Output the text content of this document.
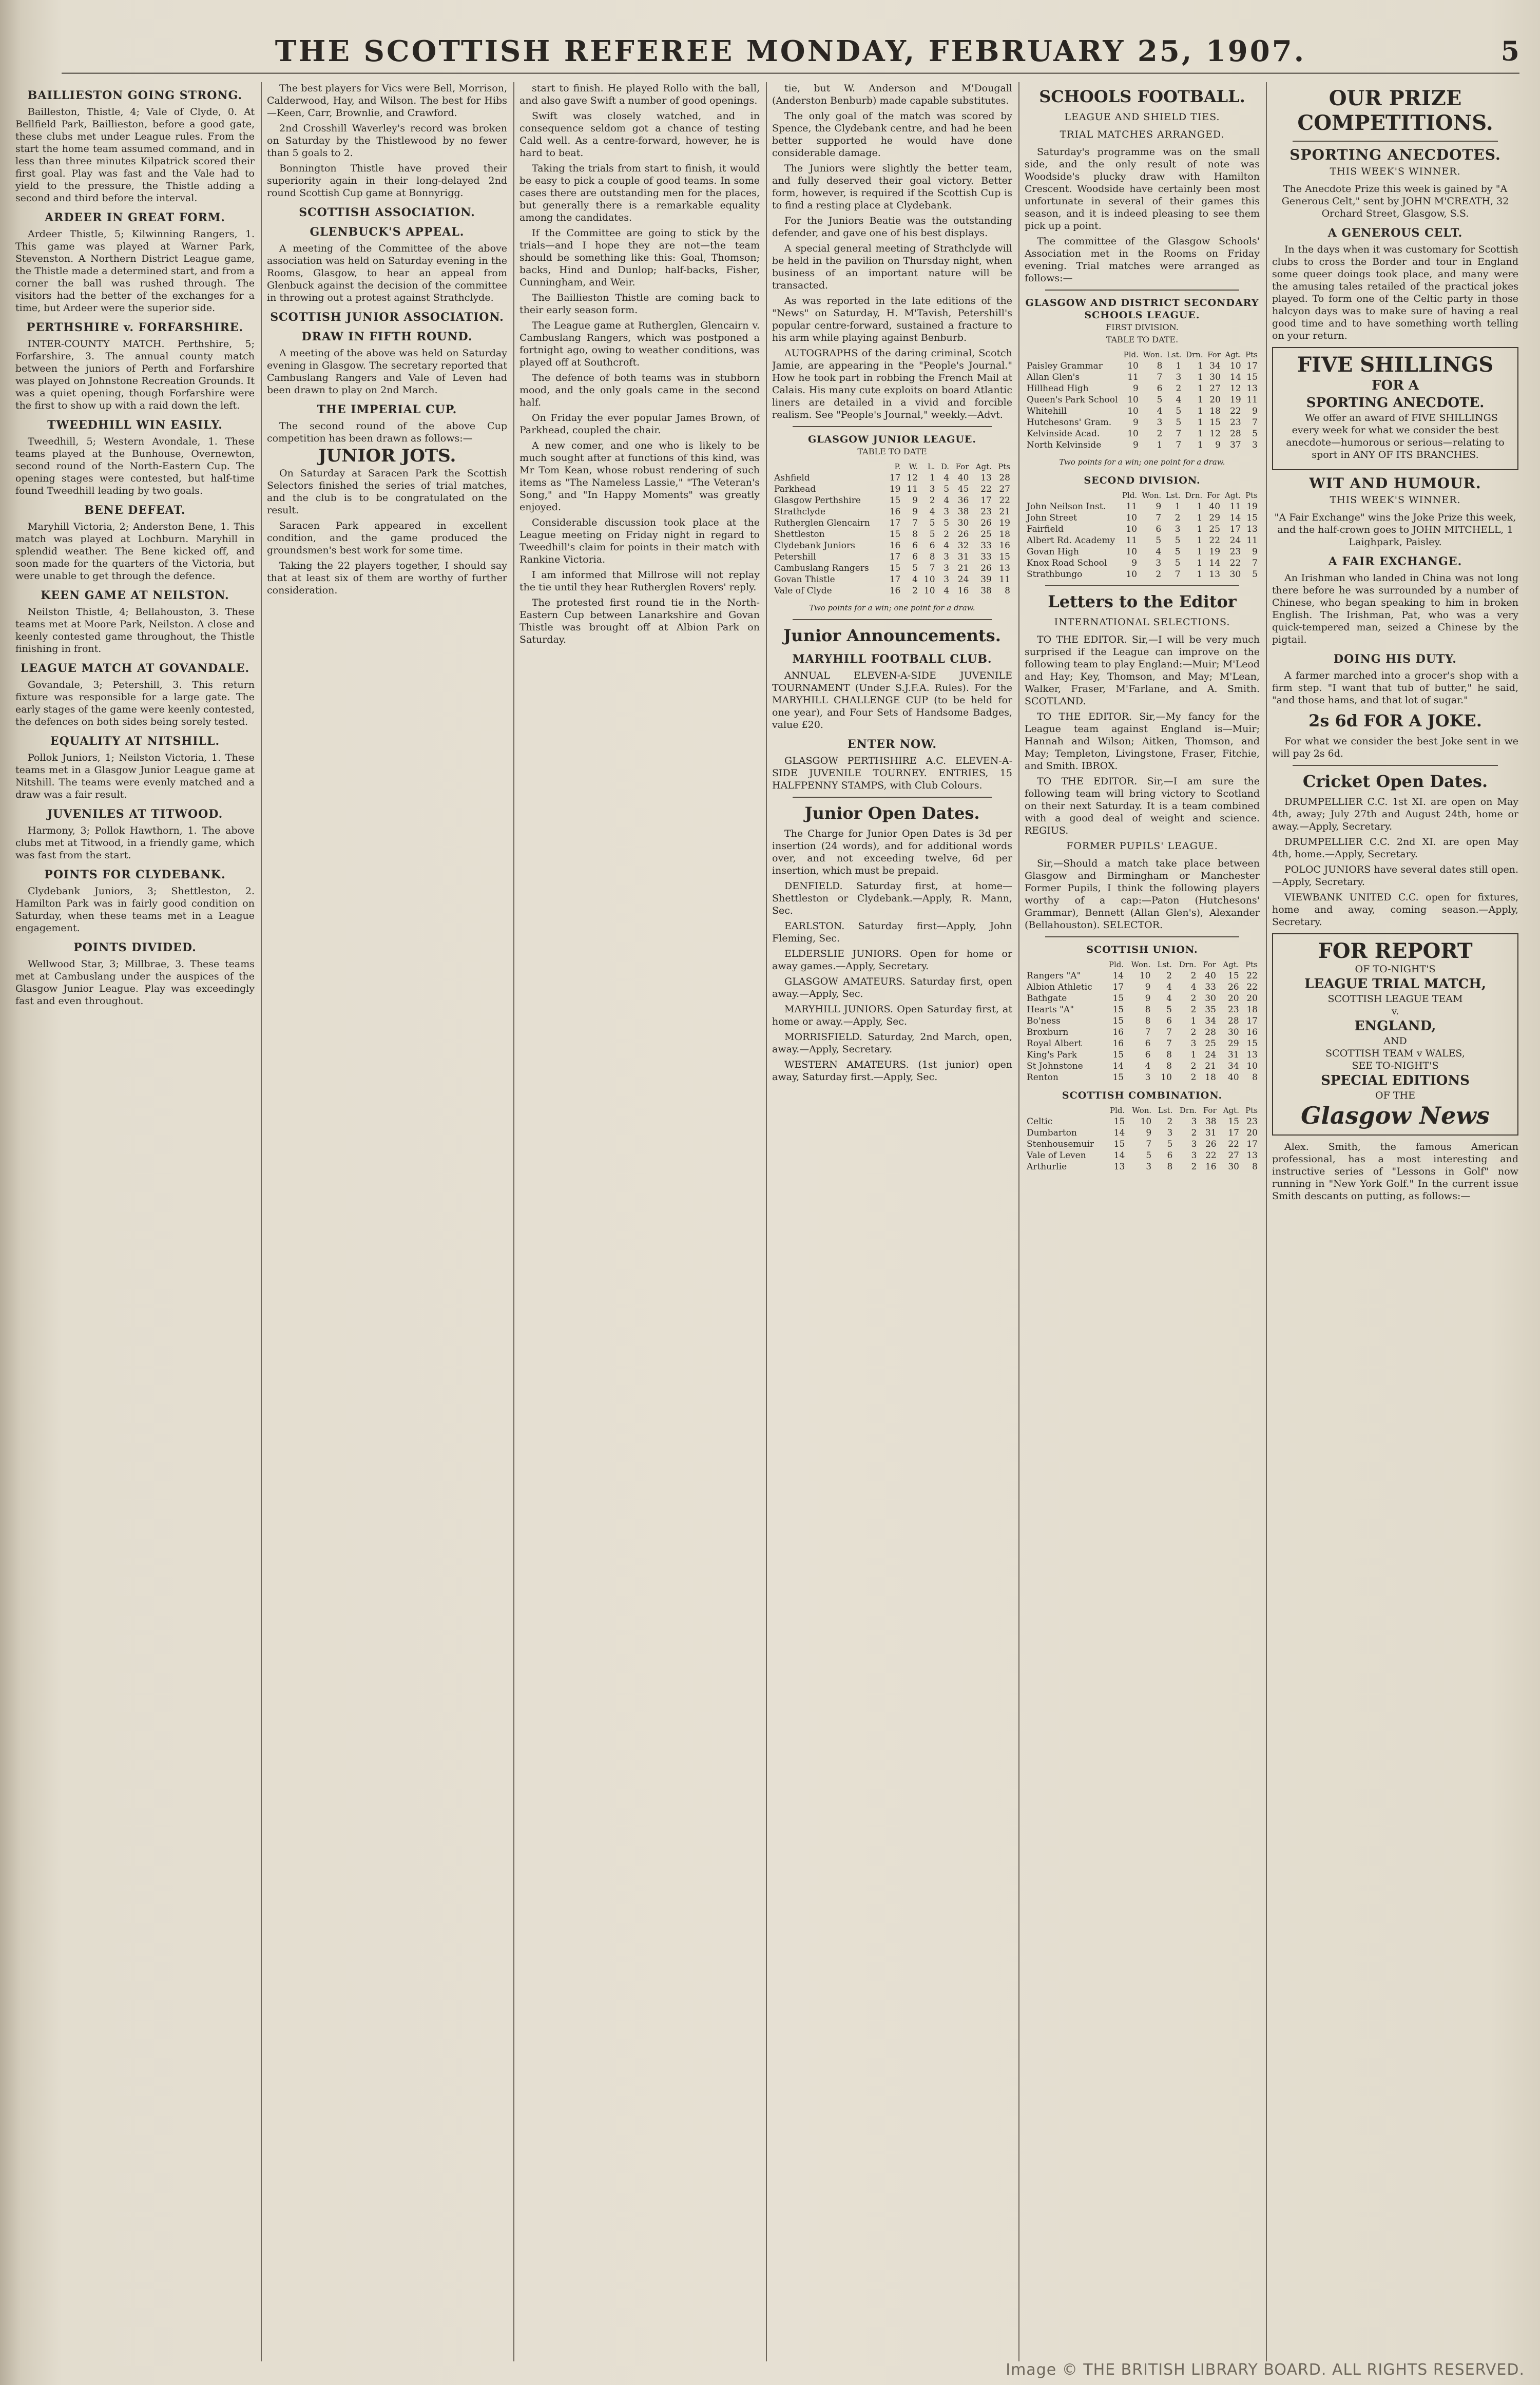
THE SCOTTISH REFEREE MONDAY, FEBRUARY 25, 1907.	5
BAILLIESTON GOING STRONG.

Bailleston, Thistle, 4; Vale of Clyde, 0. At Bellfield Park, Baillieston, before a good gate, these clubs met under League rules. From the start the home team assumed command, and in less than three minutes Kilpatrick scored their first goal. Play was fast and the Vale had to yield to the pressure, the Thistle adding a second and third before the interval.

ARDEER IN GREAT FORM.

Ardeer Thistle, 5; Kilwinning Rangers, 1. This game was played at Warner Park, Stevenston. A Northern District League game, the Thistle made a determined start, and from a corner the ball was rushed through. The visitors had the better of the exchanges for a time, but Ardeer were the superior side.

PERTHSHIRE v. FORFARSHIRE.

INTER-COUNTY MATCH. Perthshire, 5; Forfarshire, 3. The annual county match between the juniors of Perth and Forfarshire was played on Johnstone Recreation Grounds. It was a quiet opening, though Forfarshire were the first to show up with a raid down the left.

TWEEDHILL WIN EASILY.

Tweedhill, 5; Western Avondale, 1. These teams played at the Bunhouse, Overnewton, second round of the North-Eastern Cup. The opening stages were contested, but half-time found Tweedhill leading by two goals.

BENE DEFEAT.

Maryhill Victoria, 2; Anderston Bene, 1. This match was played at Lochburn. Maryhill in splendid weather. The Bene kicked off, and soon made for the quarters of the Victoria, but were unable to get through the defence.

KEEN GAME AT NEILSTON.

Neilston Thistle, 4; Bellahouston, 3. These teams met at Moore Park, Neilston. A close and keenly contested game throughout, the Thistle finishing in front.

LEAGUE MATCH AT GOVANDALE.

Govandale, 3; Petershill, 3. This return fixture was responsible for a large gate. The early stages of the game were keenly contested, the defences on both sides being sorely tested.

EQUALITY AT NITSHILL.

Pollok Juniors, 1; Neilston Victoria, 1. These teams met in a Glasgow Junior League game at Nitshill. The teams were evenly matched and a draw was a fair result.

JUVENILES AT TITWOOD.

Harmony, 3; Pollok Hawthorn, 1. The above clubs met at Titwood, in a friendly game, which was fast from the start.

POINTS FOR CLYDEBANK.

Clydebank Juniors, 3; Shettleston, 2. Hamilton Park was in fairly good condition on Saturday, when these teams met in a League engagement.

POINTS DIVIDED.

Wellwood Star, 3; Millbrae, 3. These teams met at Cambuslang under the auspices of the Glasgow Junior League. Play was exceedingly fast and even throughout.

The best players for Vics were Bell, Morrison, Calderwood, Hay, and Wilson. The best for Hibs—Keen, Carr, Brownlie, and Crawford.

2nd Crosshill Waverley's record was broken on Saturday by the Thistlewood by no fewer than 5 goals to 2.

Bonnington Thistle have proved their superiority again in their long-delayed 2nd round Scottish Cup game at Bonnyrigg.

SCOTTISH ASSOCIATION.
GLENBUCK'S APPEAL.

A meeting of the Committee of the above association was held on Saturday evening in the Rooms, Glasgow, to hear an appeal from Glenbuck against the decision of the committee in throwing out a protest against Strathclyde.

SCOTTISH JUNIOR ASSOCIATION.
DRAW IN FIFTH ROUND.

A meeting of the above was held on Saturday evening in Glasgow. The secretary reported that Cambuslang Rangers and Vale of Leven had been drawn to play on 2nd March.

THE IMPERIAL CUP.

The second round of the above Cup competition has been drawn as follows:—

JUNIOR JOTS.

On Saturday at Saracen Park the Scottish Selectors finished the series of trial matches, and the club is to be congratulated on the result.

Saracen Park appeared in excellent condition, and the game produced the groundsmen's best work for some time.

Taking the 22 players together, I should say that at least six of them are worthy of further consideration.

start to finish. He played Rollo with the ball, and also gave Swift a number of good openings.

Swift was closely watched, and in consequence seldom got a chance of testing Cald well. As a centre-forward, however, he is hard to beat.

Taking the trials from start to finish, it would be easy to pick a couple of good teams. In some cases there are outstanding men for the places, but generally there is a remarkable equality among the candidates.

If the Committee are going to stick by the trials—and I hope they are not—the team should be something like this: Goal, Thomson; backs, Hind and Dunlop; half-backs, Fisher, Cunningham, and Weir.

The Baillieston Thistle are coming back to their early season form.

The League game at Rutherglen, Glencairn v. Cambuslang Rangers, which was postponed a fortnight ago, owing to weather conditions, was played off at Southcroft.

The defence of both teams was in stubborn mood, and the only goals came in the second half.

On Friday the ever popular James Brown, of Parkhead, coupled the chair.

A new comer, and one who is likely to be much sought after at functions of this kind, was Mr Tom Kean, whose robust rendering of such items as "The Nameless Lassie," "The Veteran's Song," and "In Happy Moments" was greatly enjoyed.

Considerable discussion took place at the League meeting on Friday night in regard to Tweedhill's claim for points in their match with Rankine Victoria.

I am informed that Millrose will not replay the tie until they hear Rutherglen Rovers' reply.

The protested first round tie in the North-Eastern Cup between Lanarkshire and Govan Thistle was brought off at Albion Park on Saturday.

tie, but W. Anderson and M'Dougall (Anderston Benburb) made capable substitutes.

The only goal of the match was scored by Spence, the Clydebank centre, and had he been better supported he would have done considerable damage.

The Juniors were slightly the better team, and fully deserved their goal victory. Better form, however, is required if the Scottish Cup is to find a resting place at Clydebank.

For the Juniors Beatie was the outstanding defender, and gave one of his best displays.

A special general meeting of Strathclyde will be held in the pavilion on Thursday night, when business of an important nature will be transacted.

As was reported in the late editions of the "News" on Saturday, H. M'Tavish, Petershill's popular centre-forward, sustained a fracture to his arm while playing against Benburb.

AUTOGRAPHS of the daring criminal, Scotch Jamie, are appearing in the "People's Journal." How he took part in robbing the French Mail at Calais. His many cute exploits on board Atlantic liners are detailed in a vivid and forcible realism. See "People's Journal," weekly.—Advt.

GLASGOW JUNIOR LEAGUE.
TABLE TO DATE
	P.	W.	L.	D.	For	Agt.	Pts
Ashfield	17	12	1	4	40	13	28
Parkhead	19	11	3	5	45	22	27
Glasgow Perthshire	15	9	2	4	36	17	22
Strathclyde	16	9	4	3	38	23	21
Rutherglen Glencairn	17	7	5	5	30	26	19
Shettleston	15	8	5	2	26	25	18
Clydebank Juniors	16	6	6	4	32	33	16
Petershill	17	6	8	3	31	33	15
Cambuslang Rangers	15	5	7	3	21	26	13
Govan Thistle	17	4	10	3	24	39	11
Vale of Clyde	16	2	10	4	16	38	8
Two points for a win; one point for a draw.
Junior Announcements.
MARYHILL FOOTBALL CLUB.

ANNUAL ELEVEN-A-SIDE JUVENILE TOURNAMENT (Under S.J.F.A. Rules). For the MARYHILL CHALLENGE CUP (to be held for one year), and Four Sets of Handsome Badges, value £20.

ENTER NOW.

GLASGOW PERTHSHIRE A.C. ELEVEN-A-SIDE JUVENILE TOURNEY. ENTRIES, 15 HALFPENNY STAMPS, with Club Colours.

Junior Open Dates.

The Charge for Junior Open Dates is 3d per insertion (24 words), and for additional words over, and not exceeding twelve, 6d per insertion, which must be prepaid.

DENFIELD. Saturday first, at home—Shettleston or Clydebank.—Apply, R. Mann, Sec.

EARLSTON. Saturday first—Apply, John Fleming, Sec.

ELDERSLIE JUNIORS. Open for home or away games.—Apply, Secretary.

GLASGOW AMATEURS. Saturday first, open away.—Apply, Sec.

MARYHILL JUNIORS. Open Saturday first, at home or away.—Apply, Sec.

MORRISFIELD. Saturday, 2nd March, open, away.—Apply, Secretary.

WESTERN AMATEURS. (1st junior) open away, Saturday first.—Apply, Sec.

SCHOOLS FOOTBALL.
LEAGUE AND SHIELD TIES.
TRIAL MATCHES ARRANGED.

Saturday's programme was on the small side, and the only result of note was Woodside's plucky draw with Hamilton Crescent. Woodside have certainly been most unfortunate in several of their games this season, and it is indeed pleasing to see them pick up a point.

The committee of the Glasgow Schools' Association met in the Rooms on Friday evening. Trial matches were arranged as follows:—

GLASGOW AND DISTRICT SECONDARY SCHOOLS LEAGUE.
FIRST DIVISION.
TABLE TO DATE.
	Pld.	Won.	Lst.	Drn.	For	Agt.	Pts
Paisley Grammar	10	8	1	1	34	10	17
Allan Glen's	11	7	3	1	30	14	15
Hillhead High	9	6	2	1	27	12	13
Queen's Park School	10	5	4	1	20	19	11
Whitehill	10	4	5	1	18	22	9
Hutchesons' Gram.	9	3	5	1	15	23	7
Kelvinside Acad.	10	2	7	1	12	28	5
North Kelvinside	9	1	7	1	9	37	3
Two points for a win; one point for a draw.
SECOND DIVISION.
	Pld.	Won.	Lst.	Drn.	For	Agt.	Pts
John Neilson Inst.	11	9	1	1	40	11	19
John Street	10	7	2	1	29	14	15
Fairfield	10	6	3	1	25	17	13
Albert Rd. Academy	11	5	5	1	22	24	11
Govan High	10	4	5	1	19	23	9
Knox Road School	9	3	5	1	14	22	7
Strathbungo	10	2	7	1	13	30	5
Letters to the Editor
INTERNATIONAL SELECTIONS.

TO THE EDITOR. Sir,—I will be very much surprised if the League can improve on the following team to play England:—Muir; M'Leod and Hay; Key, Thomson, and May; M'Lean, Walker, Fraser, M'Farlane, and A. Smith. SCOTLAND.

TO THE EDITOR. Sir,—My fancy for the League team against England is—Muir; Hannah and Wilson; Aitken, Thomson, and May; Templeton, Livingstone, Fraser, Fitchie, and Smith. IBROX.

TO THE EDITOR. Sir,—I am sure the following team will bring victory to Scotland on their next Saturday. It is a team combined with a good deal of weight and science. REGIUS.

FORMER PUPILS' LEAGUE.

Sir,—Should a match take place between Glasgow and Birmingham or Manchester Former Pupils, I think the following players worthy of a cap:—Paton (Hutchesons' Grammar), Bennett (Allan Glen's), Alexander (Bellahouston). SELECTOR.

SCOTTISH UNION.
	Pld.	Won.	Lst.	Drn.	For	Agt.	Pts
Rangers "A"	14	10	2	2	40	15	22
Albion Athletic	17	9	4	4	33	26	22
Bathgate	15	9	4	2	30	20	20
Hearts "A"	15	8	5	2	35	23	18
Bo'ness	15	8	6	1	34	28	17
Broxburn	16	7	7	2	28	30	16
Royal Albert	16	6	7	3	25	29	15
King's Park	15	6	8	1	24	31	13
St Johnstone	14	4	8	2	21	34	10
Renton	15	3	10	2	18	40	8
SCOTTISH COMBINATION.
	Pld.	Won.	Lst.	Drn.	For	Agt.	Pts
Celtic	15	10	2	3	38	15	23
Dumbarton	14	9	3	2	31	17	20
Stenhousemuir	15	7	5	3	26	22	17
Vale of Leven	14	5	6	3	22	27	13
Arthurlie	13	3	8	2	16	30	8
OUR PRIZE COMPETITIONS.
SPORTING ANECDOTES.
THIS WEEK'S WINNER.
The Anecdote Prize this week is gained by "A Generous Celt," sent by JOHN M'CREATH, 32 Orchard Street, Glasgow, S.S.
A GENEROUS CELT.

In the days when it was customary for Scottish clubs to cross the Border and tour in England some queer doings took place, and many were the amusing tales retailed of the practical jokes played. To form one of the Celtic party in those halcyon days was to make sure of having a real good time and to have something worth telling on your return.

FIVE SHILLINGS
FOR A
SPORTING ANECDOTE.

We offer an award of FIVE SHILLINGS every week for what we consider the best anecdote—humorous or serious—relating to sport in ANY OF ITS BRANCHES.

WIT AND HUMOUR.
THIS WEEK'S WINNER.
"A Fair Exchange" wins the Joke Prize this week, and the half-crown goes to JOHN MITCHELL, 1 Laighpark, Paisley.
A FAIR EXCHANGE.

An Irishman who landed in China was not long there before he was surrounded by a number of Chinese, who began speaking to him in broken English. The Irishman, Pat, who was a very quick-tempered man, seized a Chinese by the pigtail.

DOING HIS DUTY.

A farmer marched into a grocer's shop with a firm step. "I want that tub of butter," he said, "and those hams, and that lot of sugar."

2s 6d FOR A JOKE.

For what we consider the best Joke sent in we will pay 2s 6d.

Cricket Open Dates.

DRUMPELLIER C.C. 1st XI. are open on May 4th, away; July 27th and August 24th, home or away.—Apply, Secretary.

DRUMPELLIER C.C. 2nd XI. are open May 4th, home.—Apply, Secretary.

POLOC JUNIORS have several dates still open.—Apply, Secretary.

VIEWBANK UNITED C.C. open for fixtures, home and away, coming season.—Apply, Secretary.

FOR REPORT
OF TO-NIGHT'S
LEAGUE TRIAL MATCH,
SCOTTISH LEAGUE TEAM
v.
ENGLAND,
AND
SCOTTISH TEAM v WALES,
SEE TO-NIGHT'S
SPECIAL EDITIONS
OF THE
Glasgow News

Alex. Smith, the famous American professional, has a most interesting and instructive series of "Lessons in Golf" now running in "New York Golf." In the current issue Smith descants on putting, as follows:—

Image © THE BRITISH LIBRARY BOARD. ALL RIGHTS RESERVED.
